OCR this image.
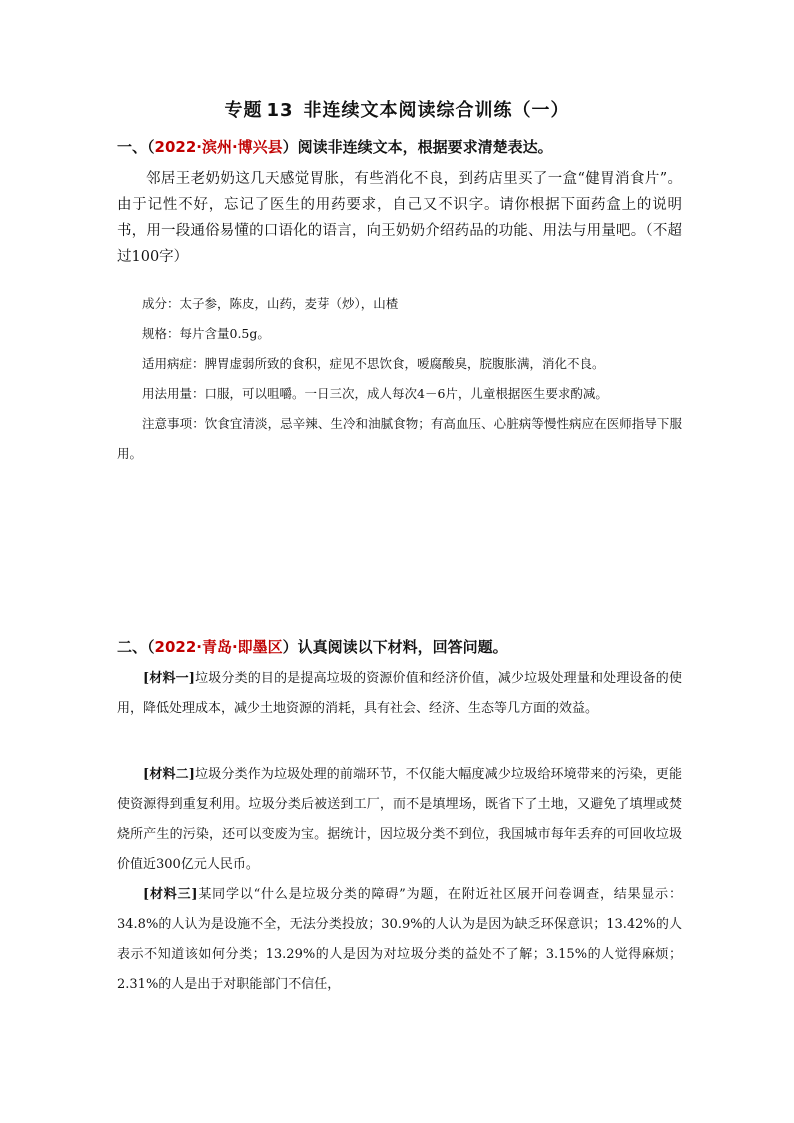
专题 13 非连续文本阅读综合训练（一）
一、（2022·滨州·博兴县）阅读非连续文本，根据要求清楚表达。
邻居王老奶奶这几天感觉胃胀，有些消化不良，到药店里买了一盒“健胃消食片”。由于记性不好，忘记了医生的用药要求，自己又不识字。请你根据下面药盒上的说明书，用一段通俗易懂的口语化的语言，向王奶奶介绍药品的功能、用法与用量吧。（不超过100字）
成分：太子参，陈皮，山药，麦芽（炒），山楂
规格：每片含量0.5g。
适用病症：脾胃虚弱所致的食积，症见不思饮食，嗳腐酸臭，脘腹胀满，消化不良。
用法用量：口服，可以咀嚼。一日三次，成人每次4－6片，儿童根据医生要求酌减。
注意事项：饮食宜清淡，忌辛辣、生冷和油腻食物；有高血压、心脏病等慢性病应在医师指导下服用。
二、（2022·青岛·即墨区）认真阅读以下材料，回答问题。
[材料一]垃圾分类的目的是提高垃圾的资源价值和经济价值，减少垃圾处理量和处理设备的使用，降低处理成本，减少土地资源的消耗，具有社会、经济、生态等几方面的效益。
[材料二]垃圾分类作为垃圾处理的前端环节，不仅能大幅度减少垃圾给环境带来的污染，更能使资源得到重复利用。垃圾分类后被送到工厂，而不是填埋场，既省下了土地，又避免了填埋或焚烧所产生的污染，还可以变废为宝。据统计，因垃圾分类不到位，我国城市每年丢弃的可回收垃圾价值近300亿元人民币。
[材料三]某同学以“什么是垃圾分类的障碍”为题，在附近社区展开问卷调查，结果显示：34.8%的人认为是设施不全，无法分类投放；30.9%的人认为是因为缺乏环保意识；13.42%的人表示不知道该如何分类；13.29%的人是因为对垃圾分类的益处不了解；3.15%的人觉得麻烦；2.31%的人是出于对职能部门不信任，
